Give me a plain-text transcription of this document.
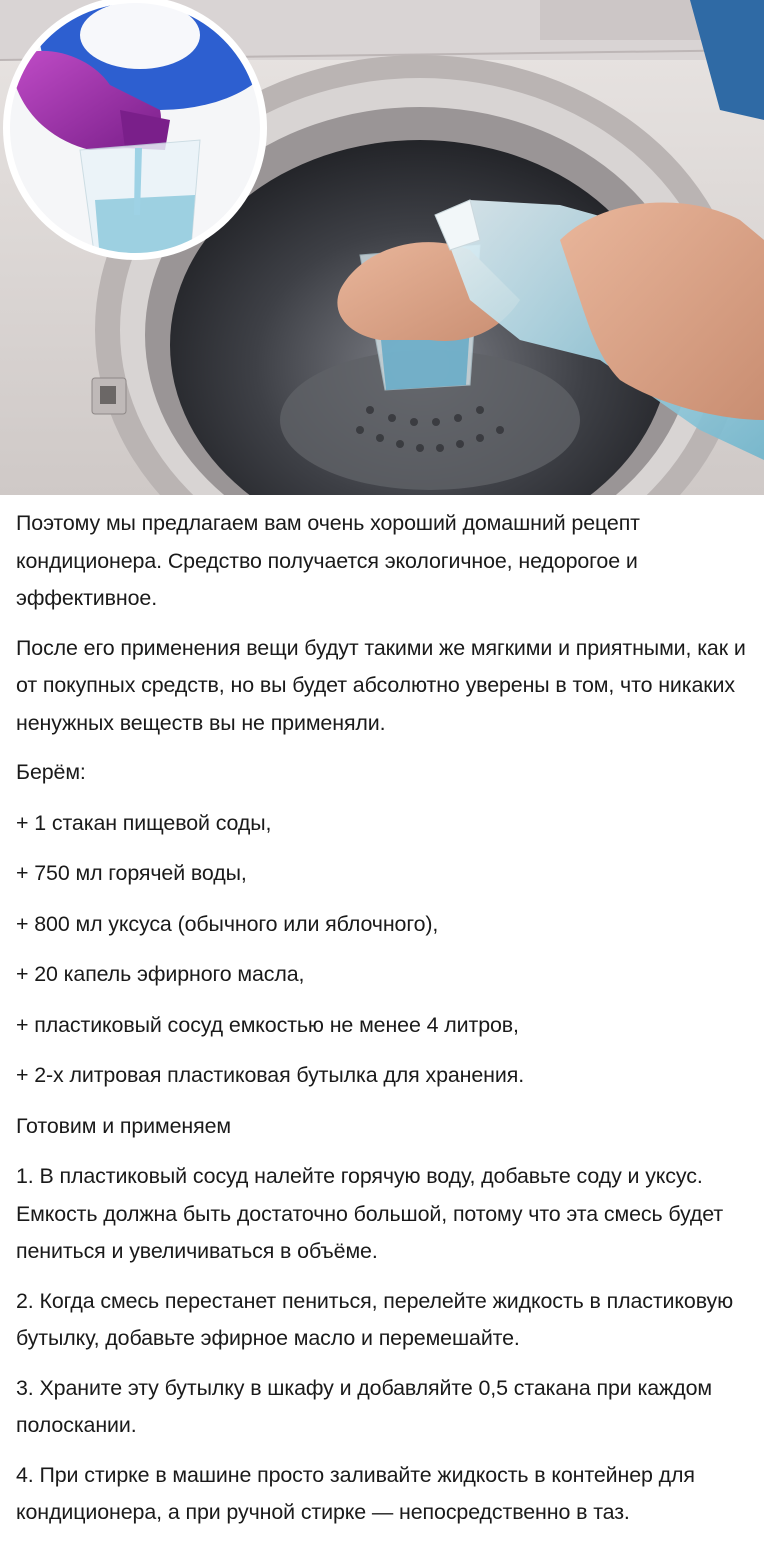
Поэтому мы предлагаем вам очень хороший домашний рецепт кондиционера. Средство получается экологичное, недорогое и эффективное.

После его применения вещи будут такими же мягкими и приятными, как и от покупных средств, но вы будет абсолютно уверены в том, что никаких ненужных веществ вы не применяли.

Берём:

+ 1 стакан пищевой соды,

+ 750 мл горячей воды,

+ 800 мл уксуса (обычного или яблочного),

+ 20 капель эфирного масла,

+ пластиковый сосуд емкостью не менее 4 литров,

+ 2-х литровая пластиковая бутылка для хранения.

Готовим и применяем

1. В пластиковый сосуд налейте горячую воду, добавьте соду и уксус. Емкость должна быть достаточно большой, потому что эта смесь будет пениться и увеличиваться в объёме.

2. Когда смесь перестанет пениться, перелейте жидкость в пластиковую бутылку, добавьте эфирное масло и перемешайте.

3. Храните эту бутылку в шкафу и добавляйте 0,5 стакана при каждом полоскании.

4. При стирке в машине просто заливайте жидкость в контейнер для кондиционера, а при ручной стирке — непосредственно в таз.
